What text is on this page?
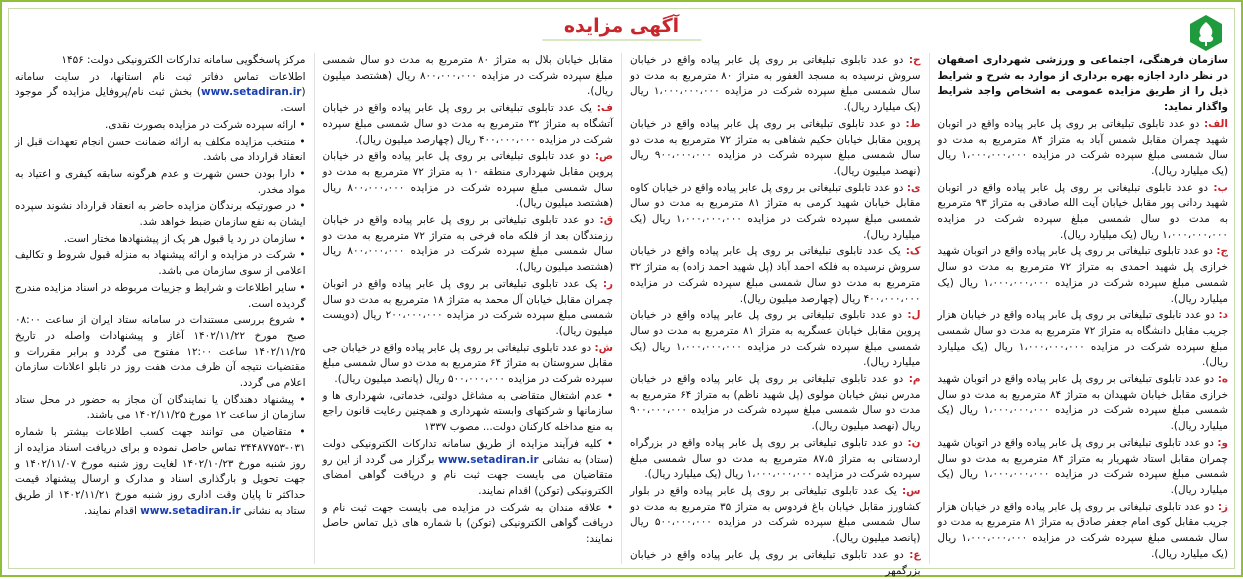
آگهی مزایده

سازمان فرهنگی، اجتماعی و ورزشی شهرداری اصفهان در نظر دارد اجازه بهره برداری از موارد به شرح و شرایط ذیل را از طریق مزایده عمومی به اشخاص واجد شرایط واگذار نماید:

الف: دو عدد تابلوی تبلیغاتی بر روی پل عابر پیاده واقع در اتوبان شهید چمران مقابل شمس آباد به متراژ ۸۴ مترمربع به مدت دو سال شمسی مبلغ سپرده شرکت در مزایده ۱،۰۰۰،۰۰۰،۰۰۰ ریال (یک میلیارد ریال).

ب: دو عدد تابلوی تبلیغاتی بر روی پل عابر پیاده واقع در اتوبان شهید ردانی پور مقابل خیابان آیت الله صادقی به متراژ ۹۳ مترمربع به مدت دو سال شمسی مبلغ سپرده شرکت در مزایده ۱،۰۰۰،۰۰۰،۰۰۰ ریال (یک میلیارد ریال).

ج: دو عدد تابلوی تبلیغاتی بر روی پل عابر پیاده واقع در اتوبان شهید خرازی پل شهید احمدی به متراژ ۷۲ مترمربع به مدت دو سال شمسی مبلغ سپرده شرکت در مزایده ۱،۰۰۰،۰۰۰،۰۰۰ ریال (یک میلیارد ریال).

د: دو عدد تابلوی تبلیغاتی بر روی پل عابر پیاده واقع در خیابان هزار جریب مقابل دانشگاه به متراژ ۷۲ مترمربع به مدت دو سال شمسی مبلغ سپرده شرکت در مزایده ۱،۰۰۰،۰۰۰،۰۰۰ ریال (یک میلیارد ریال).

ه: دو عدد تابلوی تبلیغاتی بر روی پل عابر پیاده واقع در اتوبان شهید خرازی مقابل خیابان شهیدان به متراژ ۸۴ مترمربع به مدت دو سال شمسی مبلغ سپرده شرکت در مزایده ۱،۰۰۰،۰۰۰،۰۰۰ ریال (یک میلیارد ریال).

و: دو عدد تابلوی تبلیغاتی بر روی پل عابر پیاده واقع در اتوبان شهید چمران مقابل استاد شهریار به متراژ ۸۴ مترمربع به مدت دو سال شمسی مبلغ سپرده شرکت در مزایده ۱،۰۰۰،۰۰۰،۰۰۰ ریال (یک میلیارد ریال).

ز: دو عدد تابلوی تبلیغاتی بر روی پل عابر پیاده واقع در خیابان هزار جریب مقابل کوی امام جعفر صادق به متراژ ۸۱ مترمربع به مدت دو سال شمسی مبلغ سپرده شرکت در مزایده ۱،۰۰۰،۰۰۰،۰۰۰ ریال (یک میلیارد ریال).

ح: دو عدد تابلوی تبلیغاتی بر روی پل عابر پیاده واقع در خیابان سروش نرسیده به مسجد الغفور به متراژ ۸۰ مترمربع به مدت دو سال شمسی مبلغ سپرده شرکت در مزایده ۱،۰۰۰،۰۰۰،۰۰۰ ریال (یک میلیارد ریال).

ط: دو عدد تابلوی تبلیغاتی بر روی پل عابر پیاده واقع در خیابان پروین مقابل خیابان حکیم شفاهی به متراژ ۷۲ مترمربع به مدت دو سال شمسی مبلغ سپرده شرکت در مزایده ۹۰۰،۰۰۰،۰۰۰ ریال (نهصد میلیون ریال).

ی: دو عدد تابلوی تبلیغاتی بر روی پل عابر پیاده واقع در خیابان کاوه مقابل خیابان شهید کرمی به متراژ ۸۱ مترمربع به مدت دو سال شمسی مبلغ سپرده شرکت در مزایده ۱،۰۰۰،۰۰۰،۰۰۰ ریال (یک میلیارد ریال).

ک: یک عدد تابلوی تبلیغاتی بر روی پل عابر پیاده واقع در خیابان سروش نرسیده به فلکه احمد آباد (پل شهید احمد زاده) به متراژ ۳۲ مترمربع به مدت دو سال شمسی مبلغ سپرده شرکت در مزایده ۴۰۰،۰۰۰،۰۰۰ ریال (چهارصد میلیون ریال).

ل: دو عدد تابلوی تبلیغاتی بر روی پل عابر پیاده واقع در خیابان پروین مقابل خیابان عسگریه به متراژ ۸۱ مترمربع به مدت دو سال شمسی مبلغ سپرده شرکت در مزایده ۱،۰۰۰،۰۰۰،۰۰۰ ریال (یک میلیارد ریال).

م: دو عدد تابلوی تبلیغاتی بر روی پل عابر پیاده واقع در خیابان مدرس نبش خیابان مولوی (پل شهید ناظم) به متراژ ۶۴ مترمربع به مدت دو سال شمسی مبلغ سپرده شرکت در مزایده ۹۰۰،۰۰۰،۰۰۰ ریال (نهصد میلیون ریال).

ن: دو عدد تابلوی تبلیغاتی بر روی پل عابر پیاده واقع در بزرگراه اردستانی به متراژ ۸۷،۵ مترمربع به مدت دو سال شمسی مبلغ سپرده شرکت در مزایده ۱،۰۰۰،۰۰۰،۰۰۰ ریال (یک میلیارد ریال).

س: یک عدد تابلوی تبلیغاتی بر روی پل عابر پیاده واقع در بلوار کشاورز مقابل خیابان باغ فردوس به متراژ ۳۵ مترمربع به مدت دو سال شمسی مبلغ سپرده شرکت در مزایده ۵۰۰،۰۰۰،۰۰۰ ریال (پانصد میلیون ریال).

ع: دو عدد تابلوی تبلیغاتی بر روی پل عابر پیاده واقع در خیابان بزرگمهر

مقابل خیابان بلال به متراژ ۸۰ مترمربع به مدت دو سال شمسی مبلغ سپرده شرکت در مزایده ۸۰۰،۰۰۰،۰۰۰ ریال (هشتصد میلیون ریال).

ف: یک عدد تابلوی تبلیغاتی بر روی پل عابر پیاده واقع در خیابان آتشگاه به متراژ ۳۲ مترمربع به مدت دو سال شمسی مبلغ سپرده شرکت در مزایده ۴۰۰،۰۰۰،۰۰۰ ریال (چهارصد میلیون ریال).

ص: دو عدد تابلوی تبلیغاتی بر روی پل عابر پیاده واقع در خیابان پروین مقابل شهرداری منطقه ۱۰ به متراژ ۷۲ مترمربع به مدت دو سال شمسی مبلغ سپرده شرکت در مزایده ۸۰۰،۰۰۰،۰۰۰ ریال (هشتصد میلیون ریال).

ق: دو عدد تابلوی تبلیغاتی بر روی پل عابر پیاده واقع در خیابان رزمندگان بعد از فلکه ماه فرخی به متراژ ۷۲ مترمربع به مدت دو سال شمسی مبلغ سپرده شرکت در مزایده ۸۰۰،۰۰۰،۰۰۰ ریال (هشتصد میلیون ریال).

ر: یک عدد تابلوی تبلیغاتی بر روی پل عابر پیاده واقع در اتوبان چمران مقابل خیابان آل محمد به متراژ ۱۸ مترمربع به مدت دو سال شمسی مبلغ سپرده شرکت در مزایده ۲۰۰،۰۰۰،۰۰۰ ریال (دویست میلیون ریال).

ش: دو عدد تابلوی تبلیغاتی بر روی پل عابر پیاده واقع در خیابان جی مقابل سروستان به متراژ ۶۴ مترمربع به مدت دو سال شمسی مبلغ سپرده شرکت در مزایده ۵۰۰،۰۰۰،۰۰۰ ریال (پانصد میلیون ریال).

• عدم اشتغال متقاضی به مشاغل دولتی، خدماتی، شهرداری ها و سازمانها و شرکتهای وابسته شهرداری و همچنین رعایت قانون راجع به منع مداخله کارکنان دولت... مصوب ۱۳۳۷

• کلیه فرآیند مزایده از طریق سامانه تدارکات الکترونیکی دولت (ستاد) به نشانی www.setadiran.ir برگزار می گردد از این رو متقاضیان می بایست جهت ثبت نام و دریافت گواهی امضای الکترونیکی (توکن) اقدام نمایند.

• علاقه مندان به شرکت در مزایده می بایست جهت ثبت نام و دریافت گواهی الکترونیکی (توکن) با شماره های ذیل تماس حاصل نمایند:

مرکز پاسخگویی سامانه تدارکات الکترونیکی دولت: ۱۴۵۶

اطلاعات تماس دفاتر ثبت نام استانها، در سایت سامانه (www.setadiran.ir) بخش ثبت نام/پروفایل مزایده گر موجود است.

• ارائه سپرده شرکت در مزایده بصورت نقدی.

• منتخب مزایده مکلف به ارائه ضمانت حسن انجام تعهدات قبل از انعقاد قرارداد می باشد.

• دارا بودن حسن شهرت و عدم هرگونه سابقه کیفری و اعتیاد به مواد مخدر.

• در صورتیکه برندگان مزایده حاضر به انعقاد قرارداد نشوند سپرده ایشان به نفع سازمان ضبط خواهد شد.

• سازمان در رد یا قبول هر یک از پیشنهادها مختار است.

• شرکت در مزایده و ارائه پیشنهاد به منزله قبول شروط و تکالیف اعلامی از سوی سازمان می باشد.

• سایر اطلاعات و شرایط و جزییات مربوطه در اسناد مزایده مندرج گردیده است.

• شروع بررسی مستندات در سامانه ستاد ایران از ساعت ۰۸:۰۰ صبح مورخ ۱۴۰۲/۱۱/۲۲ آغاز و پیشنهادات واصله در تاریخ ۱۴۰۲/۱۱/۲۵ ساعت ۱۲:۰۰ مفتوح می گردد و برابر مقررات و مقتضیات نتیجه آن ظرف مدت هفت روز در تابلو اعلانات سازمان اعلام می گردد.

• پیشنهاد دهندگان یا نمایندگان آن مجاز به حضور در محل ستاد سازمان از ساعت ۱۲ مورخ ۱۴۰۲/۱۱/۲۵ می باشند.

• متقاضیان می توانند جهت کسب اطلاعات بیشتر با شماره ۰۳۱-۳۴۴۸۷۷۵۳ تماس حاصل نموده و برای دریافت اسناد مزایده از روز شنبه مورخ ۱۴۰۲/۱۰/۲۳ لغایت روز شنبه مورخ ۱۴۰۲/۱۱/۰۷ و جهت تحویل و بارگذاری اسناد و مدارک و ارسال پیشنهاد قیمت حداکثر تا پایان وقت اداری روز شنبه مورخ ۱۴۰۲/۱۱/۲۱ از طریق ستاد به نشانی www.setadiran.ir اقدام نمایند.
